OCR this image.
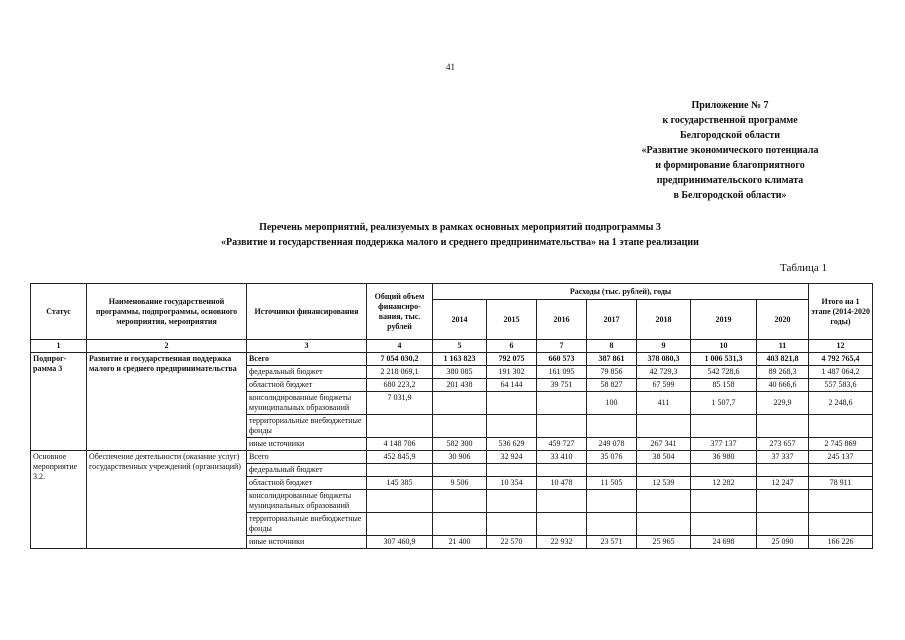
41
Приложение № 7
к государственной программе
Белгородской области
«Развитие экономического потенциала
и формирование благоприятного
предпринимательского климата
в Белгородской области»
Перечень мероприятий, реализуемых в рамках основных мероприятий подпрограммы 3
«Развитие и государственная поддержка малого и среднего предпринимательства» на 1 этапе реализации
Таблица 1
Статус	Наименование государственной программы, подпрограммы, основного мероприятия, мероприятия	Источники финансирования	Общий объем финансиро-вания, тыс. рублей	Расходы (тыс. рублей), годы							Итого на 1 этапе (2014-2020 годы)
				2014	2015	2016	2017	2018	2019	2020	
1	2	3	4	5	6	7	8	9	10	11	12
Подпрог-рамма 3	Развитие и государственная поддержка малого и среднего предпринимательства	Всего	7 054 030,2	1 163 823	792 075	660 573	387 861	378 080,3	1 006 531,3	403 821,8	4 792 765,4
		федеральный бюджет	2 218 069,1	380 085	191 302	161 095	79 856	42 729,3	542 728,6	89 268,3	1 487 064,2
		областной бюджет	680 223,2	201 438	64 144	39 751	58 827	67 599	85 158	40 666,6	557 583,6
		консолидированные бюджеты муниципальных образований	7 031,9				100	411	1 507,7	229,9	2 248,6
		территориальные внебюджетные фонды									
		иные источники	4 148 706	582 300	536 629	459 727	249 078	267 341	377 137	273 657	2 745 869
Основное мероприятие 3.2.	Обеспечение деятельности (оказание услуг) государственных учреждений (организаций)	Всего	452 845,9	30 906	32 924	33 410	35 076	38 504	36 980	37 337	245 137
		федеральный бюджет									
		областной бюджет	145 385	9 506	10 354	10 478	11 505	12 539	12 282	12 247	78 911
		консолидированные бюджеты муниципальных образований									
		территориальные внебюджетные фонды									
		иные источники	307 460,9	21 400	22 570	22 932	23 571	25 965	24 698	25 090	166 226
